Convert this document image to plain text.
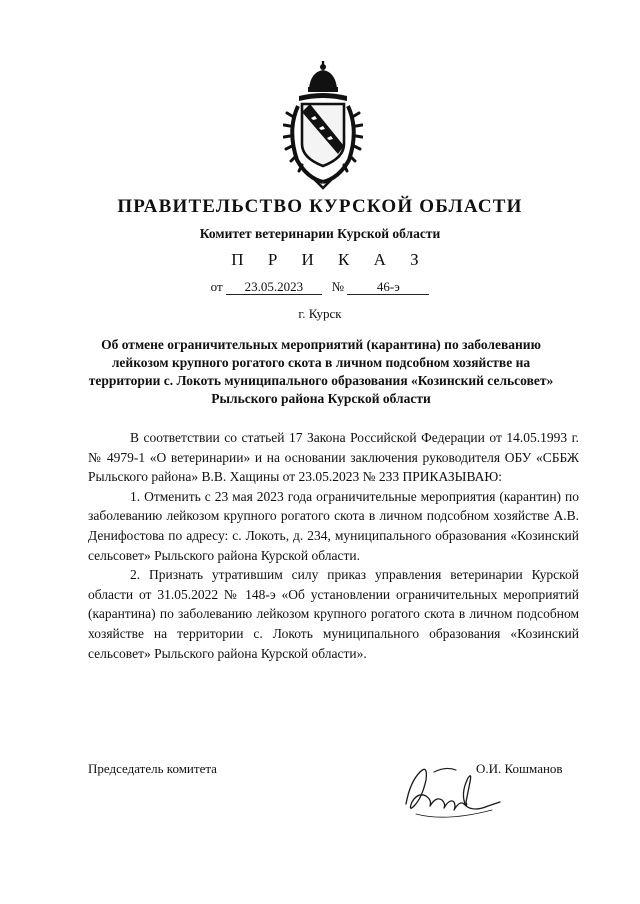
ПРАВИТЕЛЬСТВО КУРСКОЙ ОБЛАСТИ
Комитет ветеринарии Курской области
П Р И К А З
от 23.05.2023 №	46-э
г. Курск
Об отмене ограничительных мероприятий (карантина) по заболеванию лейкозом крупного рогатого скота в личном подсобном хозяйстве на территории с. Локоть муниципального образования «Козинский сельсовет» Рыльского района Курской области

В соответствии со статьей 17 Закона Российской Федерации от 14.05.1993 г. № 4979-1 «О ветеринарии» и на основании заключения руководителя ОБУ «СББЖ Рыльского района» В.В. Хащины от 23.05.2023 № 233 ПРИКАЗЫВАЮ:

1. Отменить с 23 мая 2023 года ограничительные мероприятия (карантин) по заболеванию лейкозом крупного рогатого скота в личном подсобном хозяйстве А.В. Денифостова по адресу: с. Локоть, д. 234, муниципального образования «Козинский сельсовет» Рыльского района Курской области.

2. Признать утратившим силу приказ управления ветеринарии Курской области от 31.05.2022 № 148-э «Об установлении ограничительных мероприятий (карантина) по заболеванию лейкозом крупного рогатого скота в личном подсобном хозяйстве на территории с. Локоть муниципального образования «Козинский сельсовет» Рыльского района Курской области».

Председатель комитета	О.И. Кошманов
